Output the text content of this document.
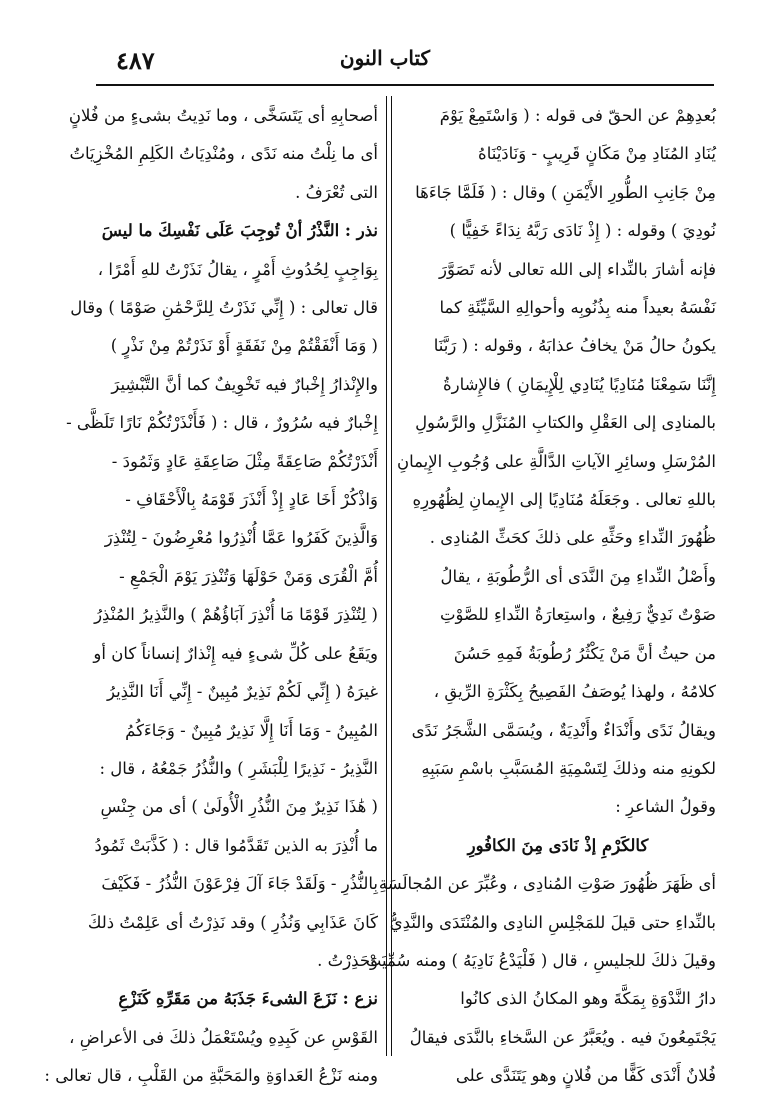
٤٨٧	كتاب النون
بُعدِهِمْ عن الحقّ فى قوله : ( وَاسْتَمِعْ يَوْمَ
يُنَادِ المُنَادِ مِنْ مَكَانٍ قَرِيبٍ - وَنَادَيْنَاهُ
مِنْ جَانِبِ الطُّورِ الأَيْمَنِ ) وقال : ( فَلَمَّا جَاءَهَا
نُودِيَ ) وقوله : ( إِذْ نَادَى رَبَّهُ نِدَاءً خَفِيًّا )
فإنه أشارَ بالنِّداء إلى الله تعالى لأنه تَصَوَّرَ
نَفْسَهُ بعيداً منه بِذُنُوبِه وأحوالِهِ السَّيِّئَةِ كما
يكونُ حالُ مَنْ يخافُ عذابَهُ ، وقوله : ( رَبَّنَا
إِنَّنَا سَمِعْنَا مُنَادِيًا يُنَادِي لِلْإِيمَانِ ) فالإِشارةُ
بالمنادِى إلى العَقْلِ والكتابِ المُنَزَّلِ والرَّسُولِ
المُرْسَلِ وسائِرِ الآياتِ الدَّالَّةِ على وُجُوبِ الإِيمانِ
باللهِ تعالى . وجَعَلَهُ مُنَادِيًا إلى الإِيمانِ لِظُهُورِهِ
ظُهُورَ النِّداءِ وحَثِّهِ على ذلكَ كحَثِّ المُنادِى .
وأَصْلُ النِّداءِ مِنَ النَّدَى أى الرُّطُوبَةِ ، يقالُ
صَوْتٌ نَدِيٌّ رَفِيعٌ ، واستِعارَةُ النِّداءِ للصَّوْتِ
من حيثُ أنَّ مَنْ يَكْثُرُ رُطُوبَةُ فَمِهِ حَسُنَ
كلامُهُ ، ولهذا يُوصَفُ الفَصِيحُ بِكَثْرَةِ الرِّيقِ ،
ويقالُ نَدًى وأَنْدَاءٌ وأَنْدِيَةٌ ، ويُسَمَّى الشَّجَرُ نَدًى
لكونِهِ منه وذلكَ لِتَسْمِيَةِ المُسَبَّبِ باسْمِ سَبَبِهِ
وقولُ الشاعرِ :
كالكَرْمِ إذْ نَادَى مِنَ الكافُورِ
أى ظَهَرَ ظُهُورَ صَوْتِ المُنادِى ، وعُبِّرَ عن المُجالَسَةِ
بالنِّداءِ حتى قيلَ للمَجْلِسِ النادِى والمُنْتَدَى والنَّدِيُّ
وقيلَ ذلكَ للجليسِ ، قال ( فَلْيَدْعُ نَادِيَهُ ) ومنه سُمِّيَتْ
دارُ النَّدْوَةِ بِمَكَّةَ وهو المكانُ الذى كانُوا
يَجْتَمِعُونَ فيه . ويُعَبَّرُ عن السَّخاءِ بالنَّدَى فيقالُ
فُلانٌ أَنْدَى كَفًّا من فُلانٍ وهو يَتَنَدَّى على
أصحابِهِ أى يَتَسَخَّى ، وما نَدِيتُ بشىءٍ من فُلانٍ
أى ما نِلْتُ منه نَدًى ، ومُنْدِيَاتُ الكَلِمِ المُخْزِيَاتُ
التى تُعْرَفُ .
نذر : النَّذْرُ أنْ تُوجِبَ عَلَى نَفْسِكَ ما ليسَ
بِوَاجِبٍ لِحُدُوثِ أَمْرٍ ، يقالُ نَذَرْتُ للهِ أَمْرًا ،
قال تعالى : ( إِنِّي نَذَرْتُ لِلرَّحْمَٰنِ صَوْمًا ) وقال
( وَمَا أَنْفَقْتُمْ مِنْ نَفَقَةٍ أَوْ نَذَرْتُمْ مِنْ نَذْرٍ )
والإِنْذارُ إِخْبارٌ فيه تَخْوِيفٌ كما أنَّ التَّبْشِيرَ
إِخْبارٌ فيه سُرُورٌ ، قال : ( فَأَنْذَرْتُكُمْ نَارًا تَلَظَّى -
أَنْذَرْتُكُمْ صَاعِقَةً مِثْلَ صَاعِقَةِ عَادٍ وَثَمُودَ -
وَاذْكُرْ أَخَا عَادٍ إِذْ أَنْذَرَ قَوْمَهُ بِالْأَحْقَافِ -
وَالَّذِينَ كَفَرُوا عَمَّا أُنْذِرُوا مُعْرِضُونَ - لِتُنْذِرَ
أُمَّ الْقُرَى وَمَنْ حَوْلَهَا وَتُنْذِرَ يَوْمَ الْجَمْعِ -
( لِتُنْذِرَ قَوْمًا مَا أُنْذِرَ آبَاؤُهُمْ ) والنَّذِيرُ المُنْذِرُ
ويَقَعُ على كُلِّ شىءٍ فيه إِنْذارٌ إنساناً كان أو
غيرَهُ ( إِنِّي لَكُمْ نَذِيرٌ مُبِينٌ - إِنِّي أَنَا النَّذِيرُ
المُبِينُ - وَمَا أَنَا إِلَّا نَذِيرٌ مُبِينٌ - وَجَاءَكُمُ
النَّذِيرُ - نَذِيرًا لِلْبَشَرِ ) والنُّذُرُ جَمْعُهُ ، قال :
( هَٰذَا نَذِيرٌ مِنَ النُّذُرِ الْأُولَىٰ ) أى من جِنْسِ
ما أُنْذِرَ به الذين تَقَدَّمُوا قال : ( كَذَّبَتْ ثَمُودُ
بِالنُّذُرِ - وَلَقَدْ جَاءَ آلَ فِرْعَوْنَ النُّذُرُ - فَكَيْفَ
كَانَ عَذَابِي وَنُذُرِ ) وقد نَذِرْتُ أى عَلِمْتُ ذلكَ
وَحَذِرْتُ .
نزع : نَزَعَ الشىءَ جَذَبَهُ من مَقَرِّهِ كَنَزْعِ
القَوْسِ عن كَبِدِهِ ويُسْتَعْمَلُ ذلكَ فى الأعراضِ ،
ومنه نَزْعُ العَداوَةِ والمَحَبَّةِ من القَلْبِ ، قال تعالى :
